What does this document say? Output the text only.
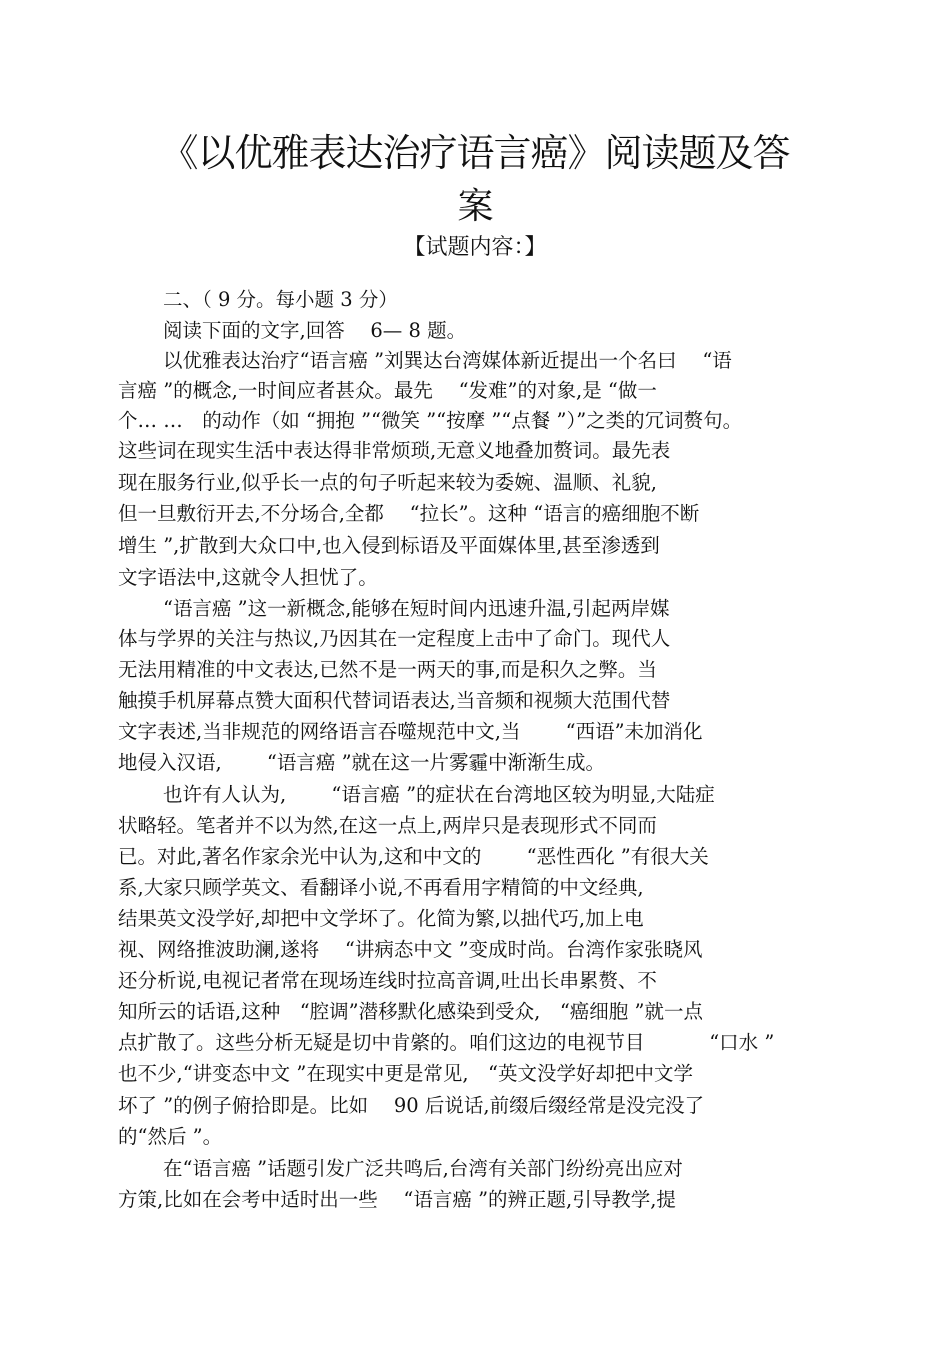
《以优雅表达治疗语言癌》阅读题及答
案
【试题内容：】
二、（ 9 分。每小题 3 分）
阅读下面的文字,回答　 6— 8 题。
以优雅表达治疗“语言癌 ”刘巽达台湾媒体新近提出一个名曰　 “语
言癌 ”的概念,一时间应者甚众。最先　 “发难”的对象,是 “做一
个… …　的动作（如 “拥抱 ”“微笑 ”“按摩 ”“点餐 ”）”之类的冗词赘句。
这些词在现实生活中表达得非常烦琐,无意义地叠加赘词。最先表
现在服务行业,似乎长一点的句子听起来较为委婉、温顺、礼貌,
但一旦敷衍开去,不分场合,全都　 “拉长”。这种 “语言的癌细胞不断
增生 ”,扩散到大众口中,也入侵到标语及平面媒体里,甚至渗透到
文字语法中,这就令人担忧了。
“语言癌 ”这一新概念,能够在短时间内迅速升温,引起两岸媒
体与学界的关注与热议,乃因其在一定程度上击中了命门。现代人
无法用精准的中文表达,已然不是一两天的事,而是积久之弊。当
触摸手机屏幕点赞大面积代替词语表达,当音频和视频大范围代替
文字表述,当非规范的网络语言吞噬规范中文,当　　 “西语”未加消化
地侵入汉语,　　 “语言癌 ”就在这一片雾霾中渐渐生成。
也许有人认为,　　 “语言癌 ”的症状在台湾地区较为明显,大陆症
状略轻。笔者并不以为然,在这一点上,两岸只是表现形式不同而
已。对此,著名作家余光中认为,这和中文的　　 “恶性西化 ”有很大关
系,大家只顾学英文、看翻译小说,不再看用字精简的中文经典,
结果英文没学好,却把中文学坏了。化简为繁,以拙代巧,加上电
视、网络推波助澜,遂将　 “讲病态中文 ”变成时尚。台湾作家张晓风
还分析说,电视记者常在现场连线时拉高音调,吐出长串累赘、不
知所云的话语,这种　“腔调”潜移默化感染到受众,　“癌细胞 ”就一点
点扩散了。这些分析无疑是切中肯綮的。咱们这边的电视节目　　　 “口水 ”
也不少,“讲变态中文 ”在现实中更是常见,　“英文没学好却把中文学
坏了 ”的例子俯拾即是。比如　 90 后说话,前缀后缀经常是没完没了
的“然后 ”。
在“语言癌 ”话题引发广泛共鸣后,台湾有关部门纷纷亮出应对
方策,比如在会考中适时出一些　 “语言癌 ”的辨正题,引导教学,提
